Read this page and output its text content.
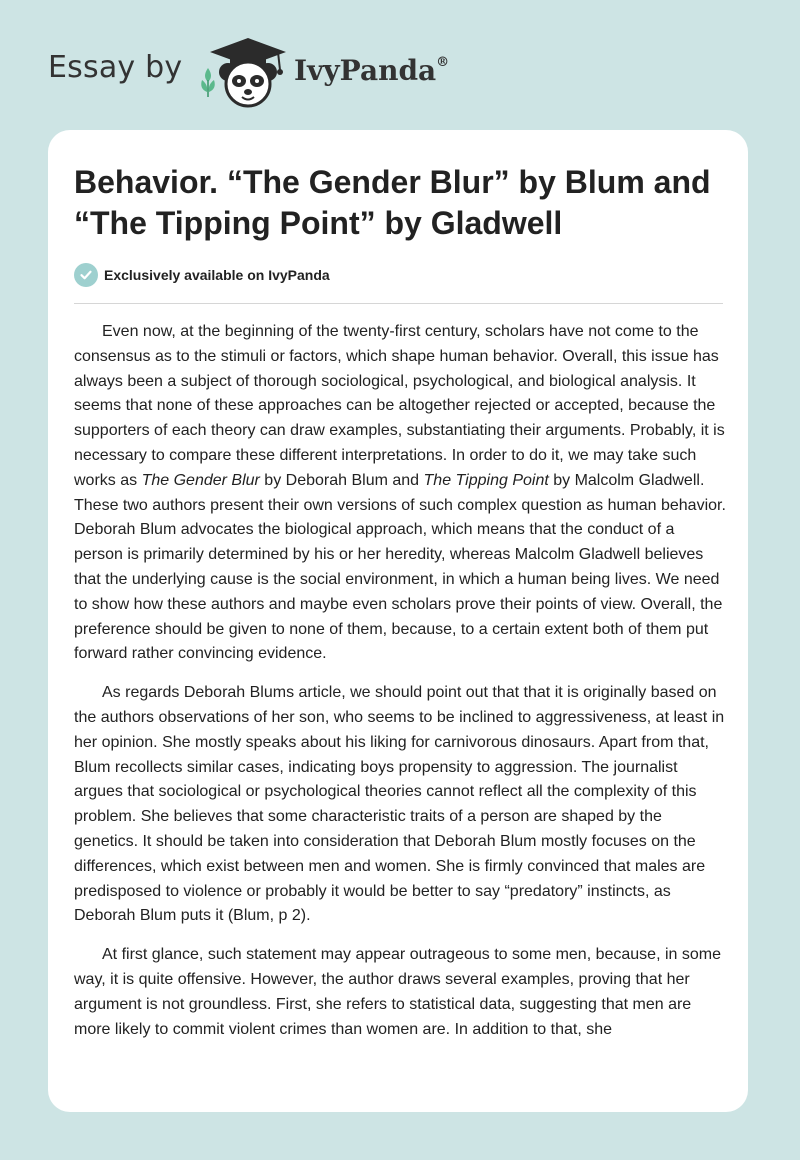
Essay by	IvyPanda®
Behavior. “The Gender Blur” by Blum and “The Tipping Point” by Gladwell
Exclusively available on IvyPanda

Even now, at the beginning of the twenty-first century, scholars have not come to the consensus as to the stimuli or factors, which shape human behavior. Overall, this issue has always been a subject of thorough sociological, psychological, and biological analysis. It seems that none of these approaches can be altogether rejected or accepted, because the supporters of each theory can draw examples, substantiating their arguments. Probably, it is necessary to compare these different interpretations. In order to do it, we may take such works as The Gender Blur by Deborah Blum and The Tipping Point by Malcolm Gladwell. These two authors present their own versions of such complex question as human behavior. Deborah Blum advocates the biological approach, which means that the conduct of a person is primarily determined by his or her heredity, whereas Malcolm Gladwell believes that the underlying cause is the social environment, in which a human being lives. We need to show how these authors and maybe even scholars prove their points of view. Overall, the preference should be given to none of them, because, to a certain extent both of them put forward rather convincing evidence.

As regards Deborah Blums article, we should point out that that it is originally based on the authors observations of her son, who seems to be inclined to aggressiveness, at least in her opinion. She mostly speaks about his liking for carnivorous dinosaurs. Apart from that, Blum recollects similar cases, indicating boys propensity to aggression. The journalist argues that sociological or psychological theories cannot reflect all the complexity of this problem. She believes that some characteristic traits of a person are shaped by the genetics. It should be taken into consideration that Deborah Blum mostly focuses on the differences, which exist between men and women. She is firmly convinced that males are predisposed to violence or probably it would be better to say “predatory” instincts, as Deborah Blum puts it (Blum, p 2).

At first glance, such statement may appear outrageous to some men, because, in some way, it is quite offensive. However, the author draws several examples, proving that her argument is not groundless. First, she refers to statistical data, suggesting that men are more likely to commit violent crimes than women are. In addition to that, she
